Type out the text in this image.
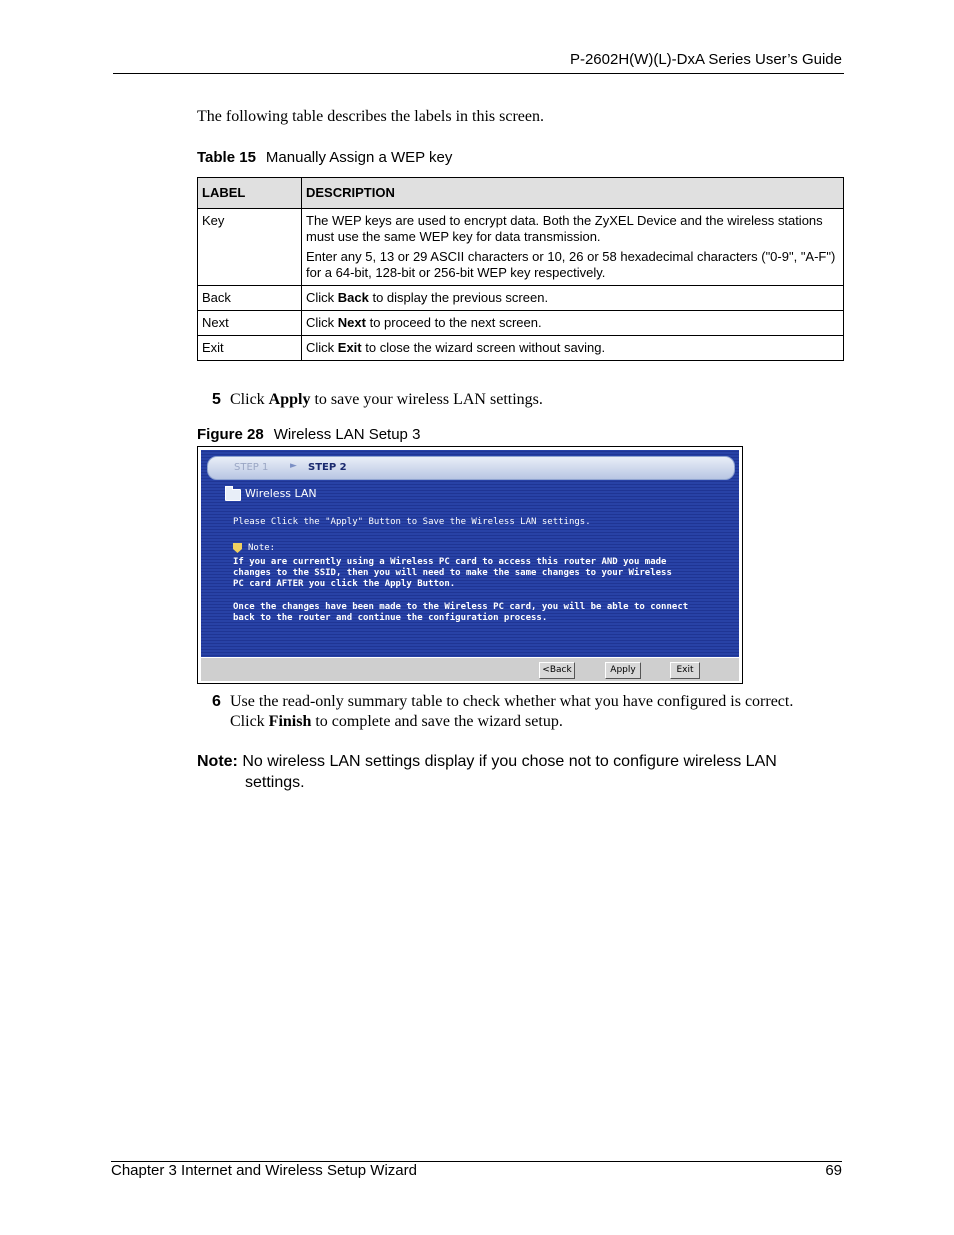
P-2602H(W)(L)-DxA Series User’s Guide
The following table describes the labels in this screen.
Table 15 Manually Assign a WEP key
LABEL	DESCRIPTION
Key	The WEP keys are used to encrypt data. Both the ZyXEL Device and the wireless stations must use the same WEP key for data transmission.

Enter any 5, 13 or 29 ASCII characters or 10, 26 or 58 hexadecimal characters ("0-9", "A-F") for a 64-bit, 128-bit or 256-bit WEP key respectively.

Back	Click Back to display the previous screen.
Next	Click Next to proceed to the next screen.
Exit	Click Exit to close the wizard screen without saving.
5 Click Apply to save your wireless LAN settings.
Figure 28 Wireless LAN Setup 3
STEP 1 ► STEP 2
Wireless LAN
Please Click the "Apply" Button to Save the Wireless LAN settings.
Note:
If you are currently using a Wireless PC card to access this router AND you made
changes to the SSID, then you will need to make the same changes to your Wireless
PC card AFTER you click the Apply Button.
Once the changes have been made to the Wireless PC card, you will be able to connect
back to the router and continue the configuration process.
<Back	Apply	Exit
6 Use the read-only summary table to check whether what you have configured is correct.
Click Finish to complete and save the wizard setup.
Note: No wireless LAN settings display if you chose not to configure wireless LAN
settings.
Chapter 3 Internet and Wireless Setup Wizard	69
